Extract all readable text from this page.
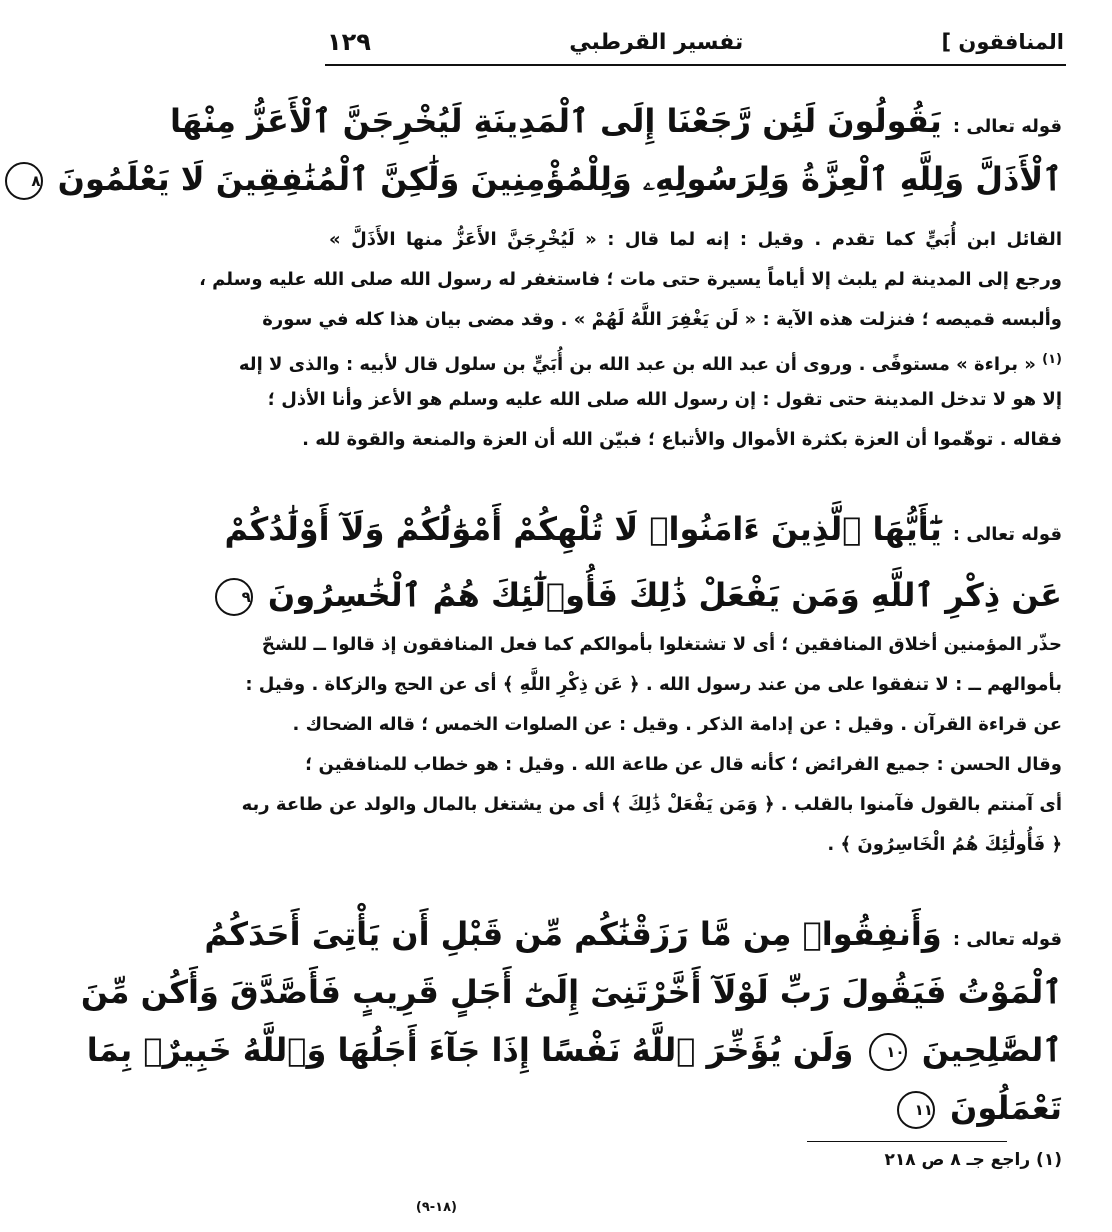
المنافقون ]
تفسير القرطبي
١٢٩
قوله تعالى : يَقُولُونَ لَئِن رَّجَعْنَا إِلَى ٱلْمَدِينَةِ لَيُخْرِجَنَّ ٱلْأَعَزُّ مِنْهَا
ٱلْأَذَلَّ وَلِلَّهِ ٱلْعِزَّةُ وَلِرَسُولِهِۦ وَلِلْمُؤْمِنِينَ وَلَٰكِنَّ ٱلْمُنَٰفِقِينَ لَا يَعْلَمُونَ ٨
القائل ابن أُبَيٍّ كما تقدم . وقيل : إنه لما قال : « لَيُخْرِجَنَّ الأَعَزُّ منها الأَذَلَّ »
ورجع إلى المدينة لم يلبث إلا أياماً يسيرة حتى مات ؛ فاستغفر له رسول الله صلى الله عليه وسلم ،
وألبسه قميصه ؛ فنزلت هذه الآية : « لَن يَغْفِرَ اللَّهُ لَهُمْ » . وقد مضى بيان هذا كله في سورة
$^{(١)}$ « براءة » مستوفًى . وروى أن عبد الله بن عبد الله بن أُبَيٍّ بن سلول قال لأبيه : والذى لا إله
إلا هو لا تدخل المدينة حتى تقول : إن رسول الله صلى الله عليه وسلم هو الأعز وأنا الأذل ؛
فقاله . توهّموا أن العزة بكثرة الأموال والأتباع ؛ فبيّن الله أن العزة والمنعة والقوة لله .
قوله تعالى : يَٰٓأَيُّهَا ٱلَّذِينَ ءَامَنُوا۟ لَا تُلْهِكُمْ أَمْوَٰلُكُمْ وَلَآ أَوْلَٰدُكُمْ
عَن ذِكْرِ ٱللَّهِ وَمَن يَفْعَلْ ذَٰلِكَ فَأُو۟لَٰٓئِكَ هُمُ ٱلْخَٰسِرُونَ ٩
حذّر المؤمنين أخلاق المنافقين ؛ أى لا تشتغلوا بأموالكم كما فعل المنافقون إذ قالوا ــ للشحّ
بأموالهم ــ : لا تنفقوا على من عند رسول الله . ﴿ عَن ذِكْرِ اللَّهِ ﴾ أى عن الحج والزكاة . وقيل :
عن قراءة القرآن . وقيل : عن إدامة الذكر . وقيل : عن الصلوات الخمس ؛ قاله الضحاك .
وقال الحسن : جميع الفرائض ؛ كأنه قال عن طاعة الله . وقيل : هو خطاب للمنافقين ؛
أى آمنتم بالقول فآمنوا بالقلب . ﴿ وَمَن يَفْعَلْ ذَٰلِكَ ﴾ أى من يشتغل بالمال والولد عن طاعة ربه
﴿ فَأُولَٰئِكَ هُمُ الْخَاسِرُونَ ﴾ .
قوله تعالى : وَأَنفِقُوا۟ مِن مَّا رَزَقْنَٰكُم مِّن قَبْلِ أَن يَأْتِىَ أَحَدَكُمُ
ٱلْمَوْتُ فَيَقُولَ رَبِّ لَوْلَآ أَخَّرْتَنِىٓ إِلَىٰٓ أَجَلٍ قَرِيبٍ فَأَصَّدَّقَ وَأَكُن مِّنَ
ٱلصَّٰلِحِينَ ١٠ وَلَن يُؤَخِّرَ ٱللَّهُ نَفْسًا إِذَا جَآءَ أَجَلُهَا وَٱللَّهُ خَبِيرٌۢ بِمَا
تَعْمَلُونَ ١١
(١) راجع جـ ٨ ص ٢١٨
(١٨-٩)
